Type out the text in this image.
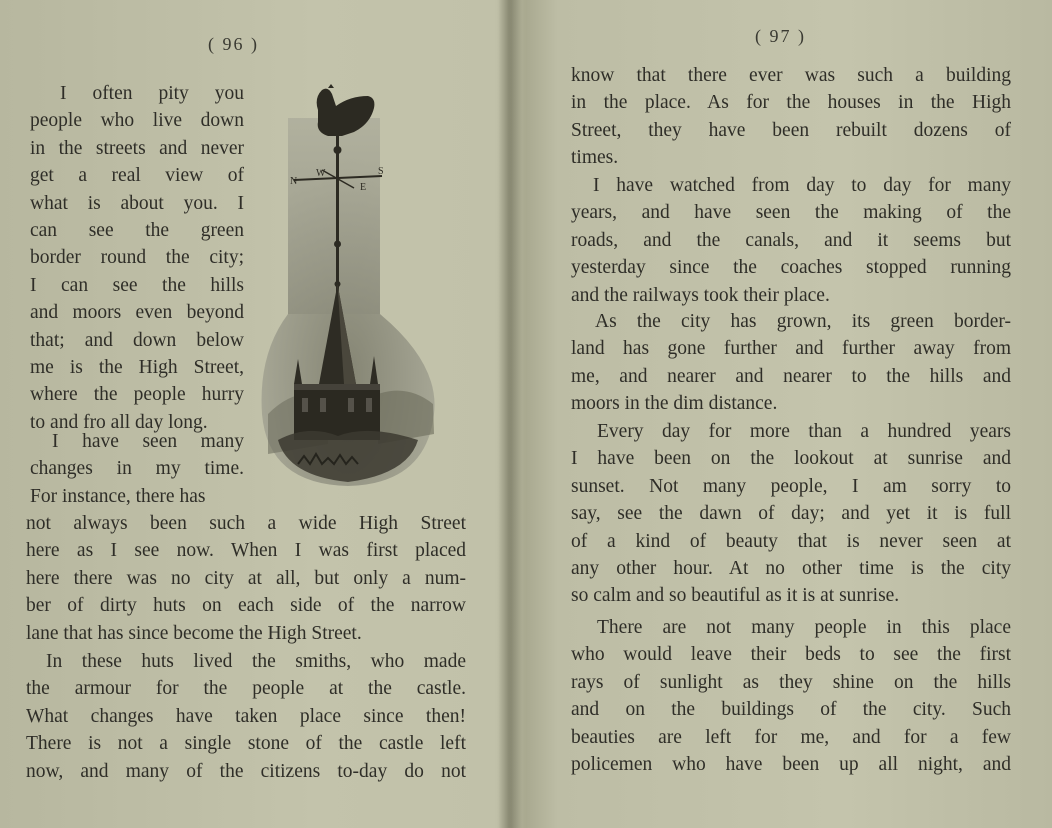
( 96 )
I often pity you
people who live down
in the streets and never
get a real view of
what is about you. I
can see the green
border round the city;
I can see the hills
and moors even beyond
that; and down below
me is the High Street,
where the people hurry
to and fro all day long.
I have seen many
changes in my time.
For instance, there has
not always been such a wide High Street
here as I see now. When I was first placed
here there was no city at all, but only a num-
ber of dirty huts on each side of the narrow
lane that has since become the High Street.
In these huts lived the smiths, who made
the armour for the people at the castle.
What changes have taken place since then!
There is not a single stone of the castle left
now, and many of the citizens to-day do not
N
W
E
S
( 97 )
know that there ever was such a building
in the place. As for the houses in the High
Street, they have been rebuilt dozens of
times.
I have watched from day to day for many
years, and have seen the making of the
roads, and the canals, and it seems but
yesterday since the coaches stopped running
and the railways took their place.
As the city has grown, its green border-
land has gone further and further away from
me, and nearer and nearer to the hills and
moors in the dim distance.
Every day for more than a hundred years
I have been on the lookout at sunrise and
sunset. Not many people, I am sorry to
say, see the dawn of day; and yet it is full
of a kind of beauty that is never seen at
any other hour. At no other time is the city
so calm and so beautiful as it is at sunrise.
There are not many people in this place
who would leave their beds to see the first
rays of sunlight as they shine on the hills
and on the buildings of the city. Such
beauties are left for me, and for a few
policemen who have been up all night, and
